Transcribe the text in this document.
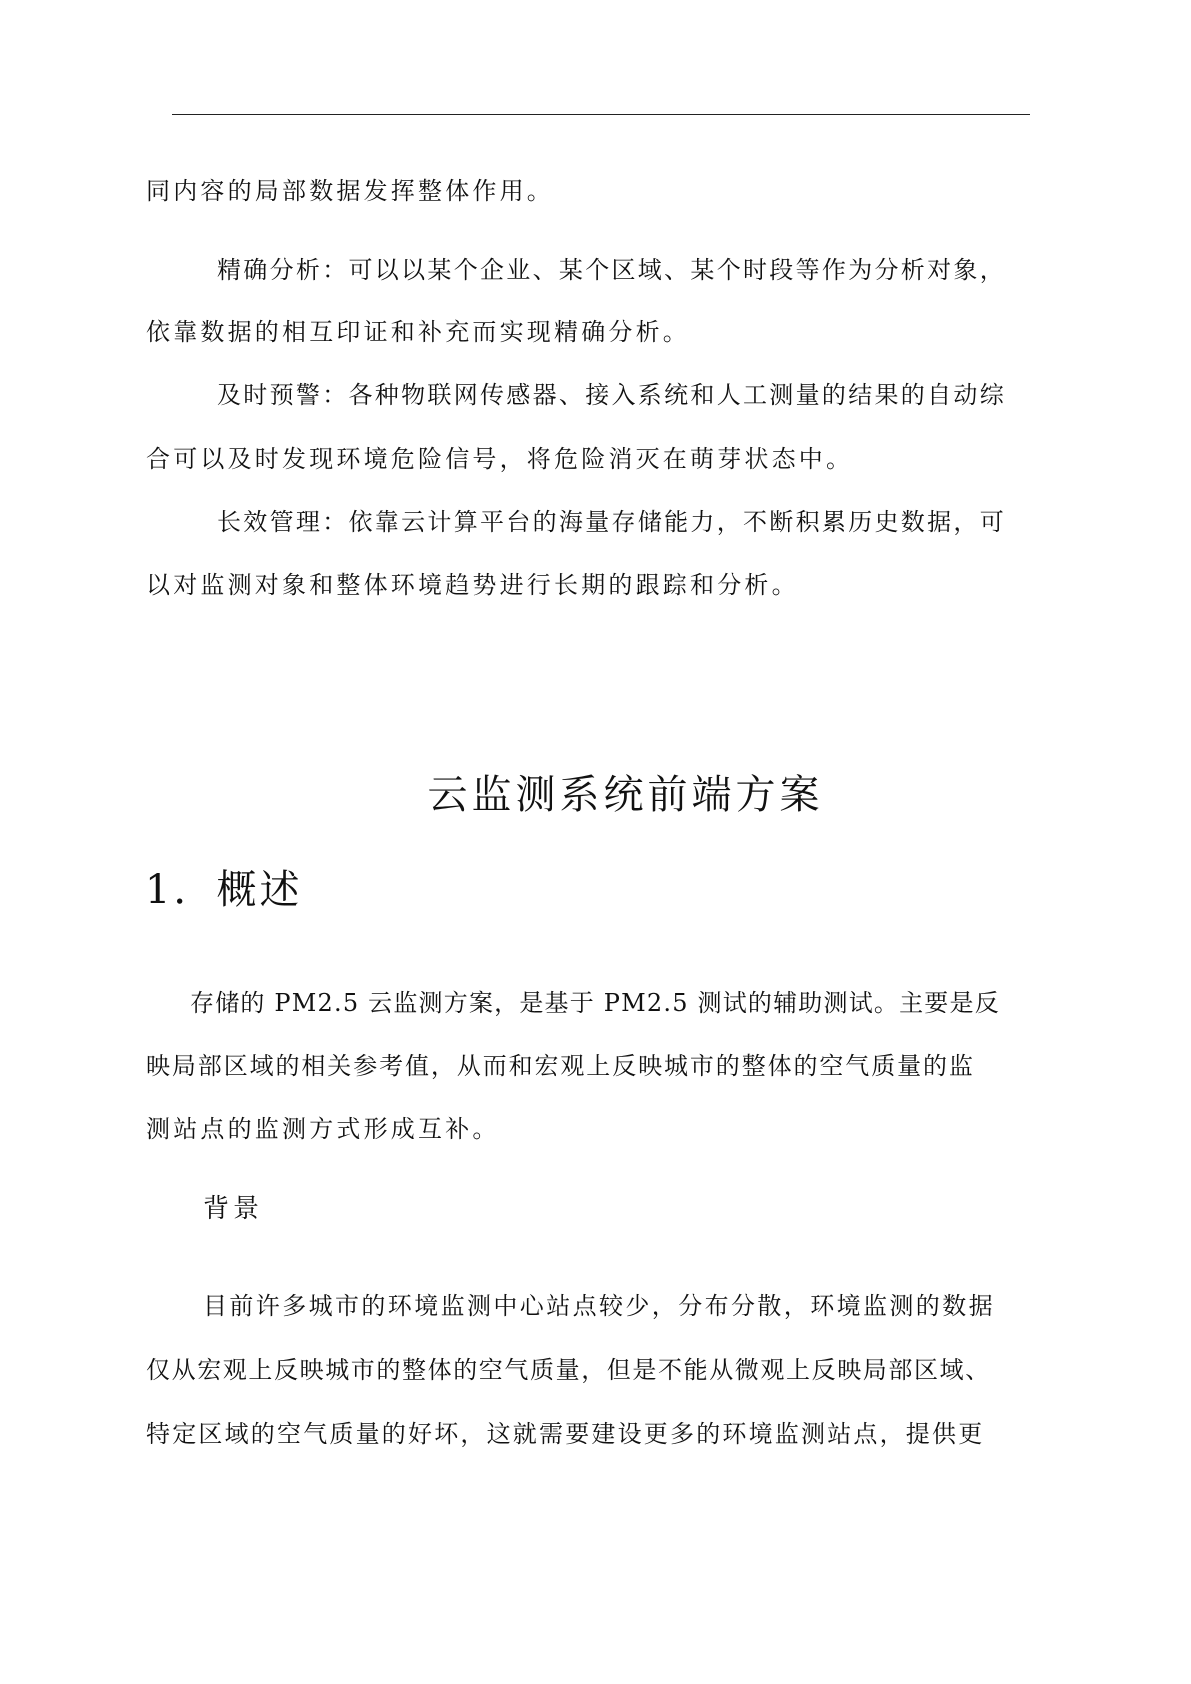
同内容的局部数据发挥整体作用。
精确分析：可以以某个企业、某个区域、某个时段等作为分析对象，
依靠数据的相互印证和补充而实现精确分析。
及时预警：各种物联网传感器、接入系统和人工测量的结果的自动综
合可以及时发现环境危险信号，将危险消灭在萌芽状态中。
长效管理：依靠云计算平台的海量存储能力，不断积累历史数据，可
以对监测对象和整体环境趋势进行长期的跟踪和分析。
云监测系统前端方案
1．概述
存储的 PM2.5 云监测方案，是基于 PM2.5 测试的辅助测试。主要是反
映局部区域的相关参考值，从而和宏观上反映城市的整体的空气质量的监
测站点的监测方式形成互补。
背景
目前许多城市的环境监测中心站点较少，分布分散，环境监测的数据
仅从宏观上反映城市的整体的空气质量，但是不能从微观上反映局部区域、
特定区域的空气质量的好坏，这就需要建设更多的环境监测站点，提供更
